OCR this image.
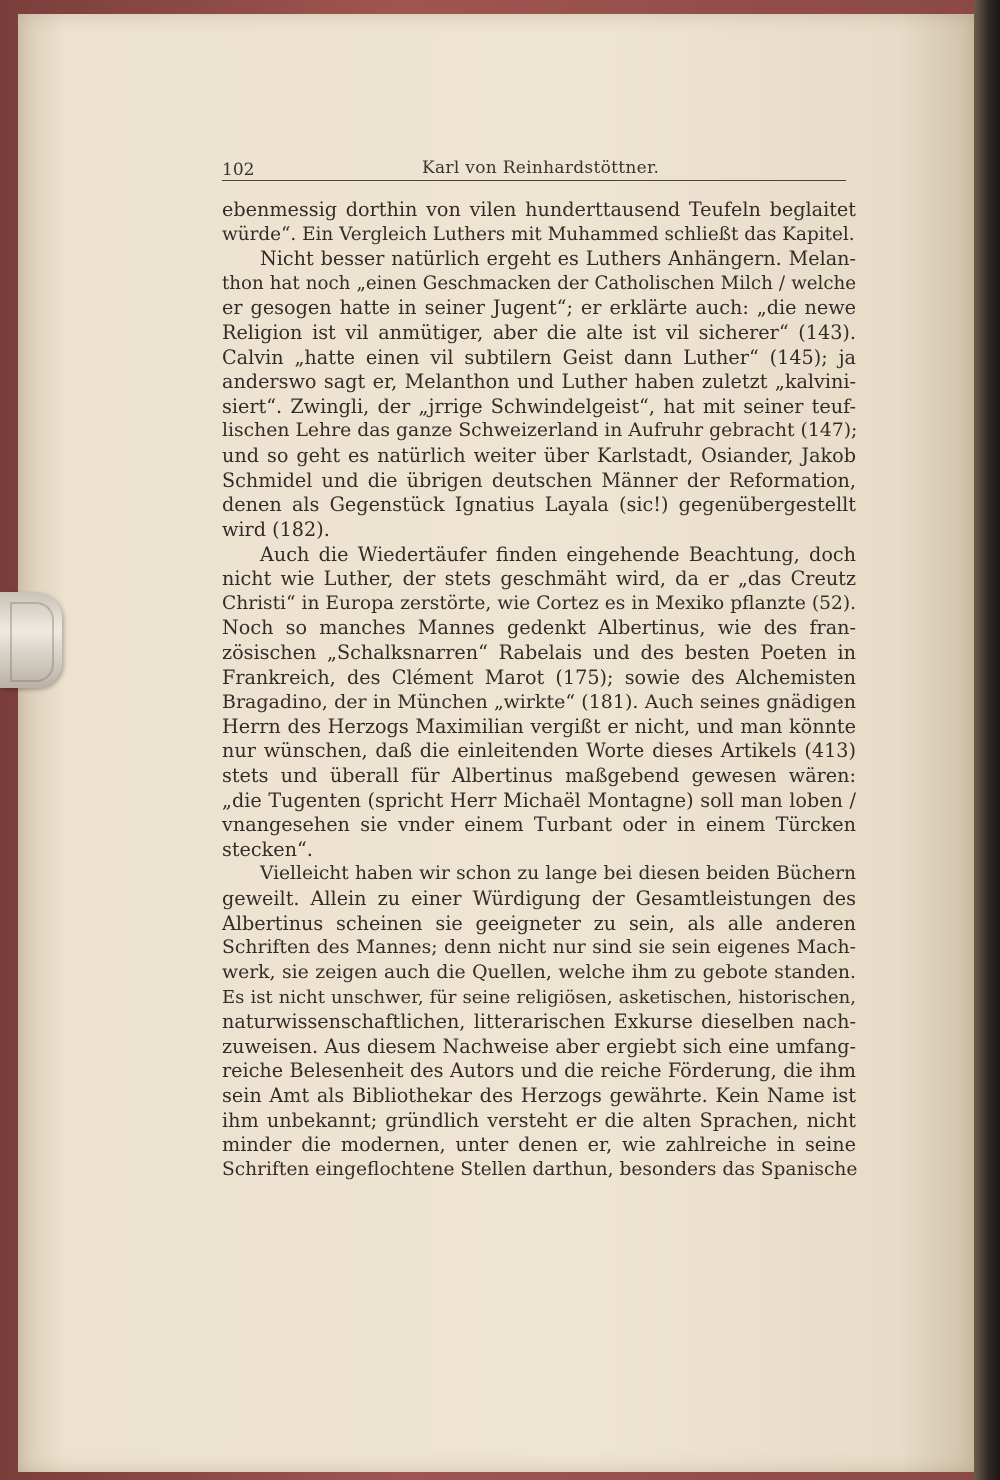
102	Karl von Reinhardstöttner.
ebenmessig dorthin von vilen hunderttausend Teufeln beglaitet
würde“. Ein Vergleich Luthers mit Muhammed schließt das Kapitel.
Nicht besser natürlich ergeht es Luthers Anhängern. Melan-
thon hat noch „einen Geschmacken der Catholischen Milch / welche
er gesogen hatte in seiner Jugent“; er erklärte auch: „die newe
Religion ist vil anmütiger, aber die alte ist vil sicherer“ (143).
Calvin „hatte einen vil subtilern Geist dann Luther“ (145); ja
anderswo sagt er, Melanthon und Luther haben zuletzt „kalvini-
siert“. Zwingli, der „jrrige Schwindelgeist“, hat mit seiner teuf-
lischen Lehre das ganze Schweizerland in Aufruhr gebracht (147);
und so geht es natürlich weiter über Karlstadt, Osiander, Jakob
Schmidel und die übrigen deutschen Männer der Reformation,
denen als Gegenstück Ignatius Layala (sic!) gegenübergestellt
wird (182).
Auch die Wiedertäufer finden eingehende Beachtung, doch
nicht wie Luther, der stets geschmäht wird, da er „das Creutz
Christi“ in Europa zerstörte, wie Cortez es in Mexiko pflanzte (52).
Noch so manches Mannes gedenkt Albertinus, wie des fran-
zösischen „Schalksnarren“ Rabelais und des besten Poeten in
Frankreich, des Clément Marot (175); sowie des Alchemisten
Bragadino, der in München „wirkte“ (181). Auch seines gnädigen
Herrn des Herzogs Maximilian vergißt er nicht, und man könnte
nur wünschen, daß die einleitenden Worte dieses Artikels (413)
stets und überall für Albertinus maßgebend gewesen wären:
„die Tugenten (spricht Herr Michaël Montagne) soll man loben /
vnangesehen sie vnder einem Turbant oder in einem Türcken
stecken“.
Vielleicht haben wir schon zu lange bei diesen beiden Büchern
geweilt. Allein zu einer Würdigung der Gesamtleistungen des
Albertinus scheinen sie geeigneter zu sein, als alle anderen
Schriften des Mannes; denn nicht nur sind sie sein eigenes Mach-
werk, sie zeigen auch die Quellen, welche ihm zu gebote standen.
Es ist nicht unschwer, für seine religiösen, asketischen, historischen,
naturwissenschaftlichen, litterarischen Exkurse dieselben nach-
zuweisen. Aus diesem Nachweise aber ergiebt sich eine umfang-
reiche Belesenheit des Autors und die reiche Förderung, die ihm
sein Amt als Bibliothekar des Herzogs gewährte. Kein Name ist
ihm unbekannt; gründlich versteht er die alten Sprachen, nicht
minder die modernen, unter denen er, wie zahlreiche in seine
Schriften eingeflochtene Stellen darthun, besonders das Spanische
